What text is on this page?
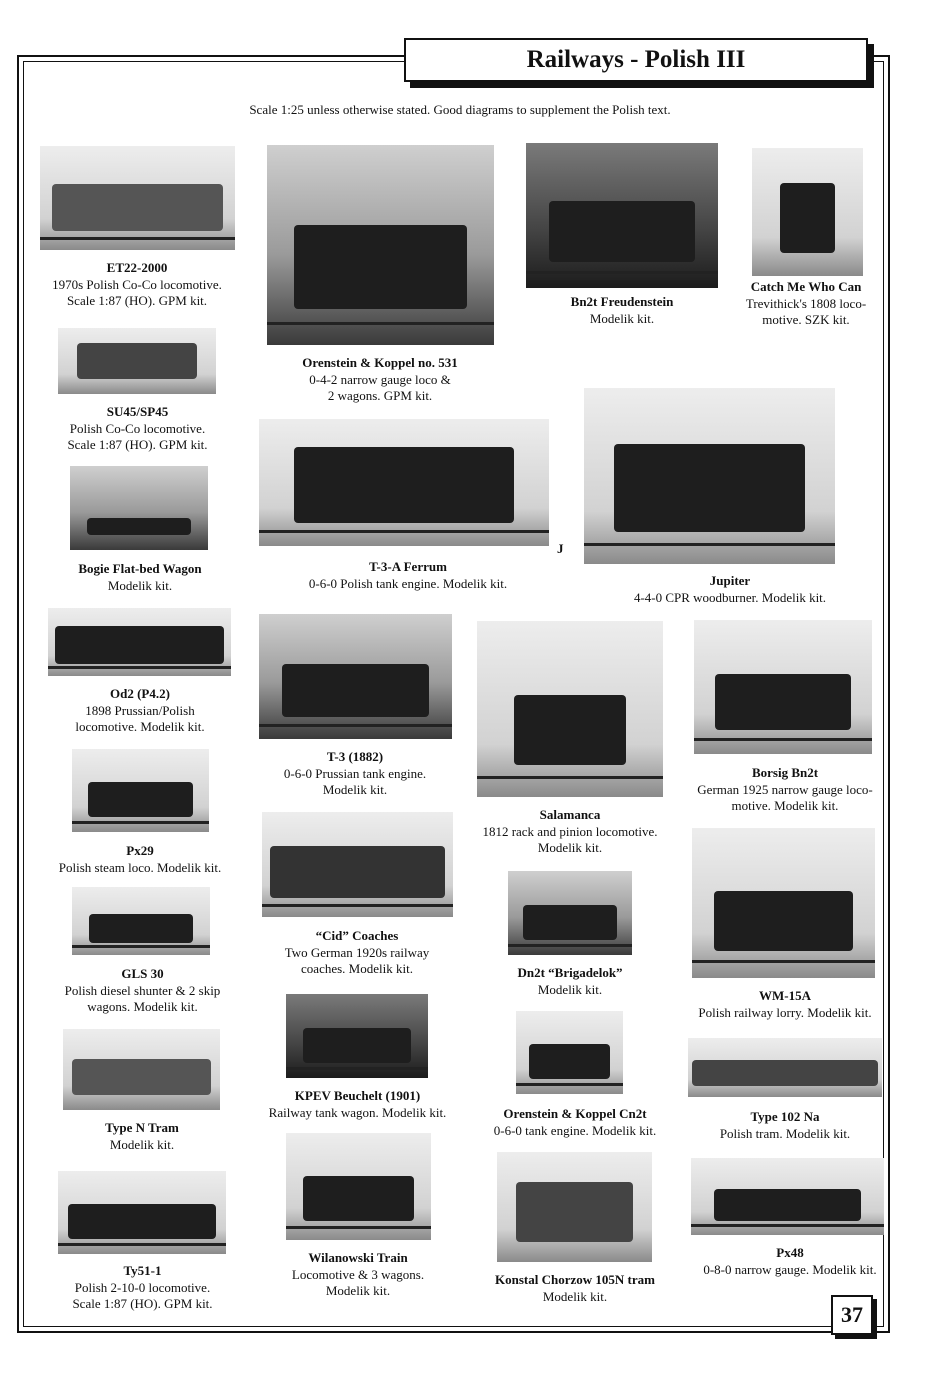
Railways - Polish III
Scale 1:25 unless otherwise stated. Good diagrams to supplement the Polish text.
ET22-2000
1970s Polish Co-Co locomotive.
Scale 1:87 (HO). GPM kit.
Orenstein & Koppel no. 531
0-4-2 narrow gauge loco &
2 wagons. GPM kit.
Bn2t Freudenstein
Modelik kit.
Catch Me Who Can
Trevithick's 1808 loco-
motive. SZK kit.
SU45/SP45
Polish Co-Co locomotive.
Scale 1:87 (HO). GPM kit.
Bogie Flat-bed Wagon
Modelik kit.
T-3-A Ferrum
0-6-0 Polish tank engine. Modelik kit.
J
Jupiter
4-4-0 CPR woodburner. Modelik kit.
Od2 (P4.2)
1898 Prussian/Polish
locomotive. Modelik kit.
T-3 (1882)
0-6-0 Prussian tank engine.
Modelik kit.
Salamanca
1812 rack and pinion locomotive.
Modelik kit.
Borsig Bn2t
German 1925 narrow gauge loco-
motive. Modelik kit.
Px29
Polish steam loco. Modelik kit.
“Cid” Coaches
Two German 1920s railway
coaches. Modelik kit.	Dn2t “Brigadelok”
Modelik kit.	WM-15A
Polish railway lorry. Modelik kit.
GLS 30
Polish diesel shunter & 2 skip
wagons. Modelik kit.
KPEV Beuchelt (1901)
Railway tank wagon. Modelik kit.	Orenstein & Koppel Cn2t
0-6-0 tank engine. Modelik kit.
Type 102 Na
Polish tram. Modelik kit.
Type N Tram
Modelik kit.
Wilanowski Train
Locomotive & 3 wagons.
Modelik kit.
Konstal Chorzow 105N tram
Modelik kit.
Px48
0-8-0 narrow gauge. Modelik kit.
Ty51-1
Polish 2-10-0 locomotive.
Scale 1:87 (HO). GPM kit.	37
